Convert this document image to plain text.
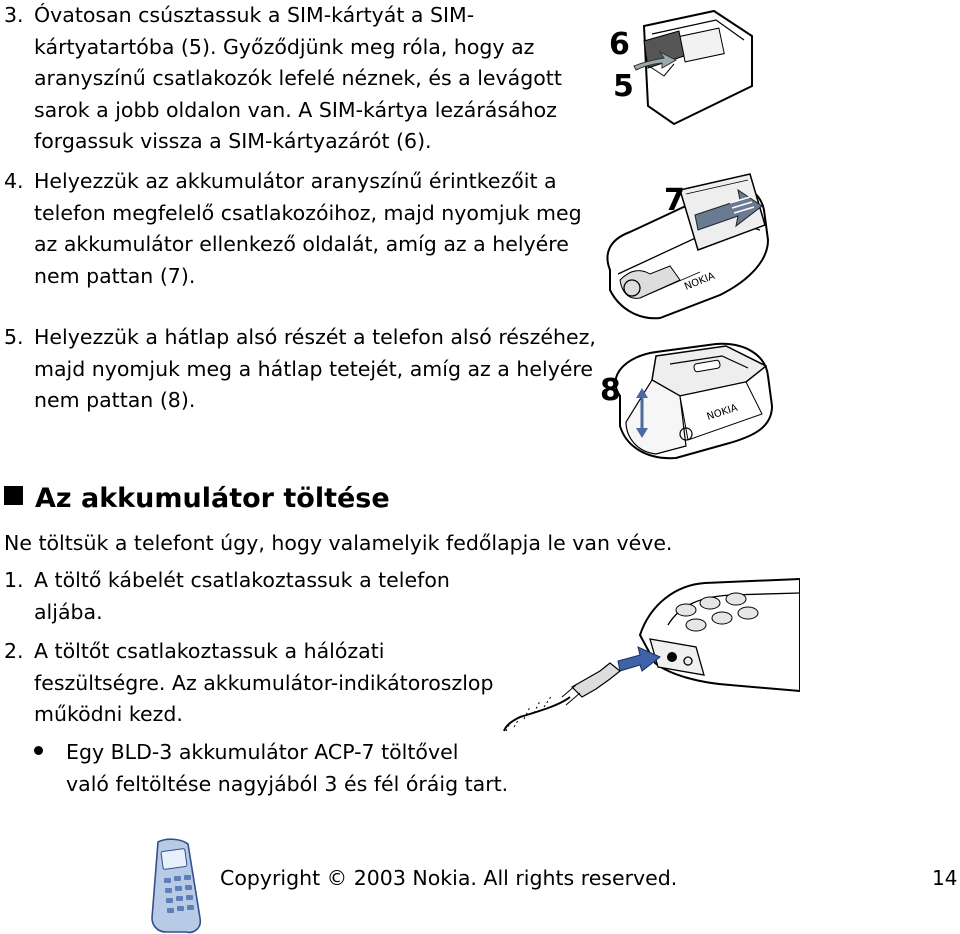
3. Óvatosan csúsztassuk a SIM-kártyát a SIM-
kártyatartóba (5). Győződjünk meg róla, hogy az
aranyszínű csatlakozók lefelé néznek, és a levágott
sarok a jobb oldalon van. A SIM-kártya lezárásához
forgassuk vissza a SIM-kártyazárót (6).
4. Helyezzük az akkumulátor aranyszínű érintkezőit a
telefon megfelelő csatlakozóihoz, majd nyomjuk meg
az akkumulátor ellenkező oldalát, amíg az a helyére
nem pattan (7).
5. Helyezzük a hátlap alsó részét a telefon alsó részéhez,
majd nyomjuk meg a hátlap tetejét, amíg az a helyére
nem pattan (8).
6
5
NOKIA
7
NOKIA
8
Az akkumulátor töltése
Ne töltsük a telefont úgy, hogy valamelyik fedőlapja le van véve.
1. A töltő kábelét csatlakoztassuk a telefon
aljába.
2. A töltőt csatlakoztassuk a hálózati
feszültségre. Az akkumulátor-indikátoroszlop
működni kezd.
Egy BLD-3 akkumulátor ACP-7 töltővel
való feltöltése nagyjából 3 és fél óráig tart.
Copyright © 2003 Nokia. All rights reserved.	14
